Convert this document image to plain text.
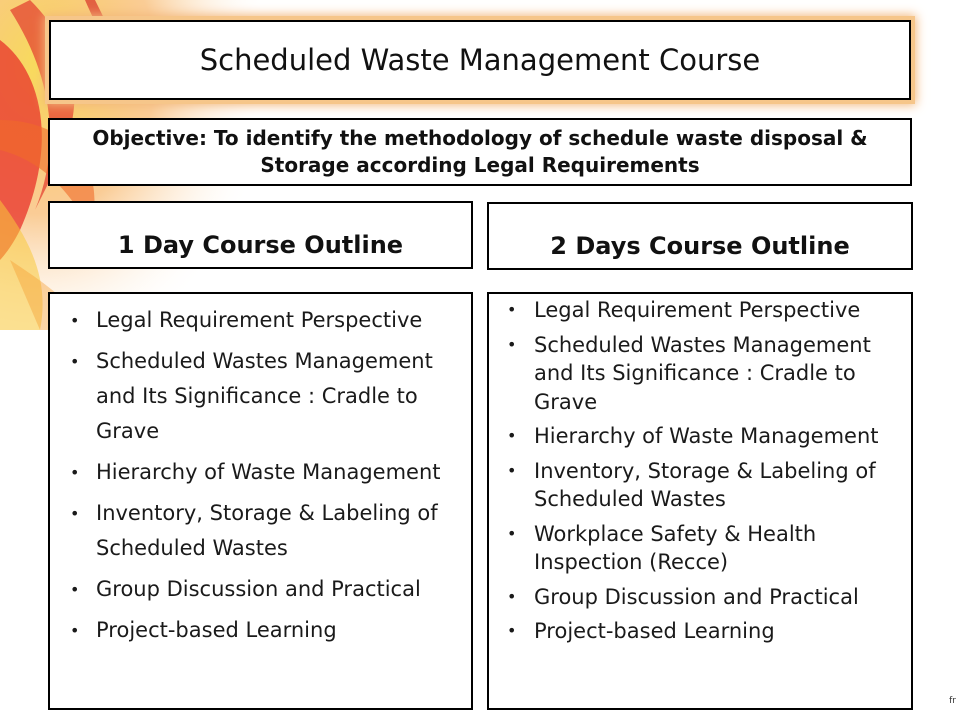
Scheduled Waste Management Course
Objective: To identify the methodology of schedule waste disposal & Storage according Legal Requirements
1 Day Course Outline	2 Days Course Outline
• Legal Requirement Perspective
• Scheduled Wastes Management and Its Significance : Cradle to Grave
• Hierarchy of Waste Management
• Inventory, Storage & Labeling of Scheduled Wastes
• Group Discussion and Practical
• Project-based Learning
• Legal Requirement Perspective
• Scheduled Wastes Management and Its Significance : Cradle to Grave
• Hierarchy of Waste Management
• Inventory, Storage & Labeling of Scheduled Wastes
• Workplace Safety & Health Inspection (Recce)
• Group Discussion and Practical
• Project-based Learning
fr
